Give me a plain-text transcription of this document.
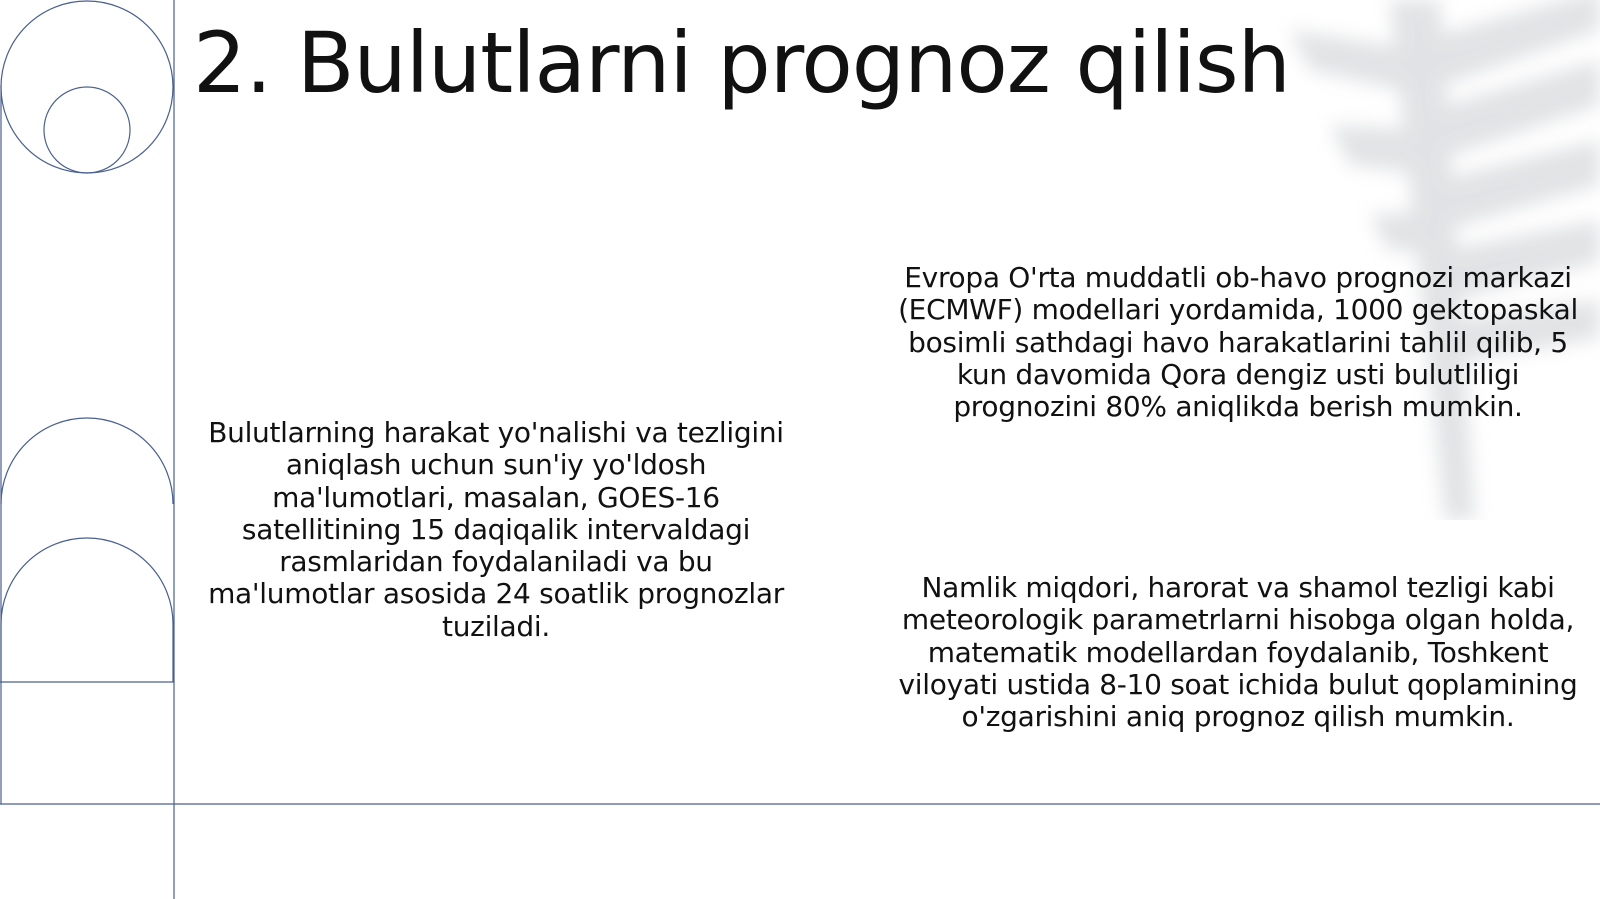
2. Bulutlarni prognoz qilish

Bulutlarning harakat yo'nalishi va tezligini aniqlash uchun sun'iy yo'ldosh ma'lumotlari, masalan, GOES-16 satellitining 15 daqiqalik intervaldagi rasmlaridan foydalaniladi va bu ma'lumotlar asosida 24 soatlik prognozlar tuziladi.

Evropa O'rta muddatli ob-havo prognozi markazi (ECMWF) modellari yordamida, 1000 gektopaskal bosimli sathdagi havo harakatlarini tahlil qilib, 5 kun davomida Qora dengiz usti bulutliligi prognozini 80% aniqlikda berish mumkin.

Namlik miqdori, harorat va shamol tezligi kabi meteorologik parametrlarni hisobga olgan holda, matematik modellardan foydalanib, Toshkent viloyati ustida 8-10 soat ichida bulut qoplamining o'zgarishini aniq prognoz qilish mumkin.
